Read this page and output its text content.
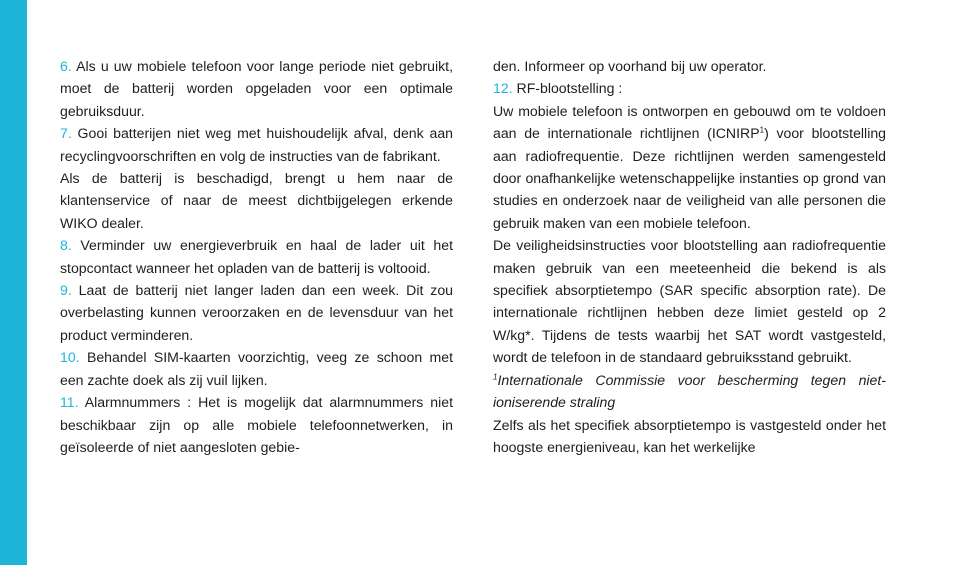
6. Als u uw mobiele telefoon voor lange periode niet gebruikt, moet de batterij worden opgeladen voor een optimale gebruiksduur.

7. Gooi batterijen niet weg met huishoudelijk afval, denk aan recyclingvoorschriften en volg de instructies van de fabrikant.

Als de batterij is beschadigd, brengt u hem naar de klantenservice of naar de meest dichtbijgelegen erkende WIKO dealer.

8. Verminder uw energieverbruik en haal de lader uit het stopcontact wanneer het opladen van de batterij is voltooid.

9. Laat de batterij niet langer laden dan een week. Dit zou overbelasting kunnen veroorzaken en de levensduur van het product verminderen.

10. Behandel SIM-kaarten voorzichtig, veeg ze schoon met een zachte doek als zij vuil lijken.

11. Alarmnummers : Het is mogelijk dat alarmnummers niet beschikbaar zijn op alle mobiele telefoonnetwerken, in geïsoleerde of niet aangesloten gebie-

den. Informeer op voorhand bij uw operator.

12. RF-blootstelling :

Uw mobiele telefoon is ontworpen en gebouwd om te voldoen aan de internationale richtlijnen (ICNIRP$^1$) voor blootstelling aan radiofrequentie. Deze richtlijnen werden samengesteld door onafhankelijke wetenschappelijke instanties op grond van studies en onderzoek naar de veiligheid van alle personen die gebruik maken van een mobiele telefoon.

De veiligheidsinstructies voor blootstelling aan radiofrequentie maken gebruik van een meeteenheid die bekend is als specifiek absorptietempo (SAR specific absorption rate). De internationale richtlijnen hebben deze limiet gesteld op 2 W/kg*. Tijdens de tests waarbij het SAT wordt vastgesteld, wordt de telefoon in de standaard gebruiksstand gebruikt.

$^1$Internationale Commissie voor bescherming tegen niet-ioniserende straling

Zelfs als het specifiek absorptietempo is vastgesteld onder het hoogste energieniveau, kan het werkelijke
